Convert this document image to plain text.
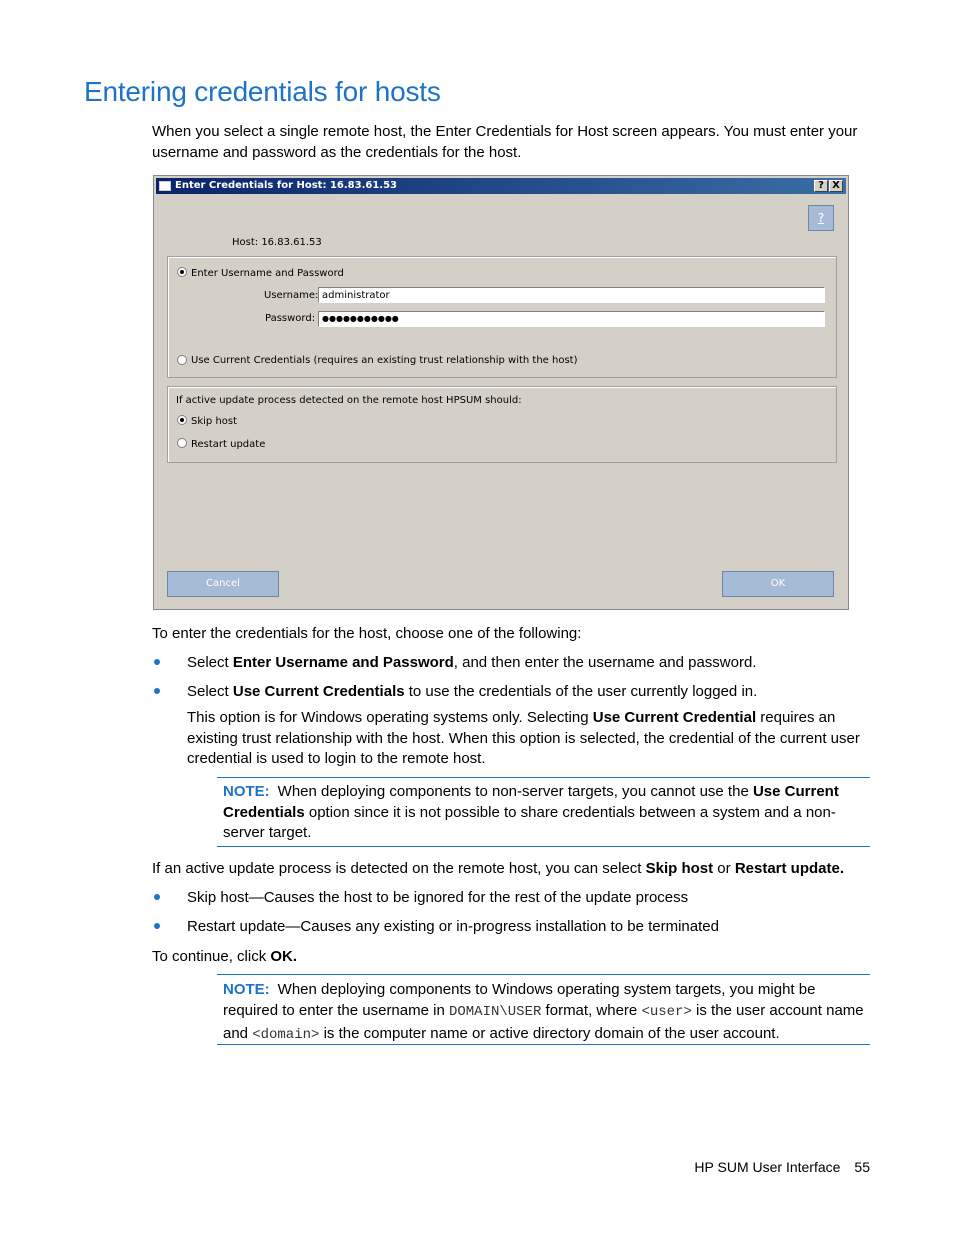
Entering credentials for hosts
When you select a single remote host, the Enter Credentials for Host screen appears. You must enter your username and password as the credentials for the host.
Enter Credentials for Host: 16.83.61.53	? X
?
Host: 16.83.61.53
Enter Username and Password
Username:
administrator
Password: ●●●●●●●●●●●
Use Current Credentials (requires an existing trust relationship with the host)
If active update process detected on the remote host HPSUM should:
Skip host
Restart update
Cancel	OK
To enter the credentials for the host, choose one of the following:
Select Enter Username and Password, and then enter the username and password.
Select Use Current Credentials to use the credentials of the user currently logged in.
This option is for Windows operating systems only. Selecting Use Current Credential requires an existing trust relationship with the host. When this option is selected, the credential of the current user credential is used to login to the remote host.
NOTE: When deploying components to non-server targets, you cannot use the Use Current Credentials option since it is not possible to share credentials between a system and a non-server target.
If an active update process is detected on the remote host, you can select Skip host or Restart update.
Skip host—Causes the host to be ignored for the rest of the update process
Restart update—Causes any existing or in-progress installation to be terminated
To continue, click OK.
NOTE: When deploying components to Windows operating system targets, you might be required to enter the username in DOMAIN\USER format, where <user> is the user account name and <domain> is the computer name or active directory domain of the user account.
HP SUM User Interface 55
